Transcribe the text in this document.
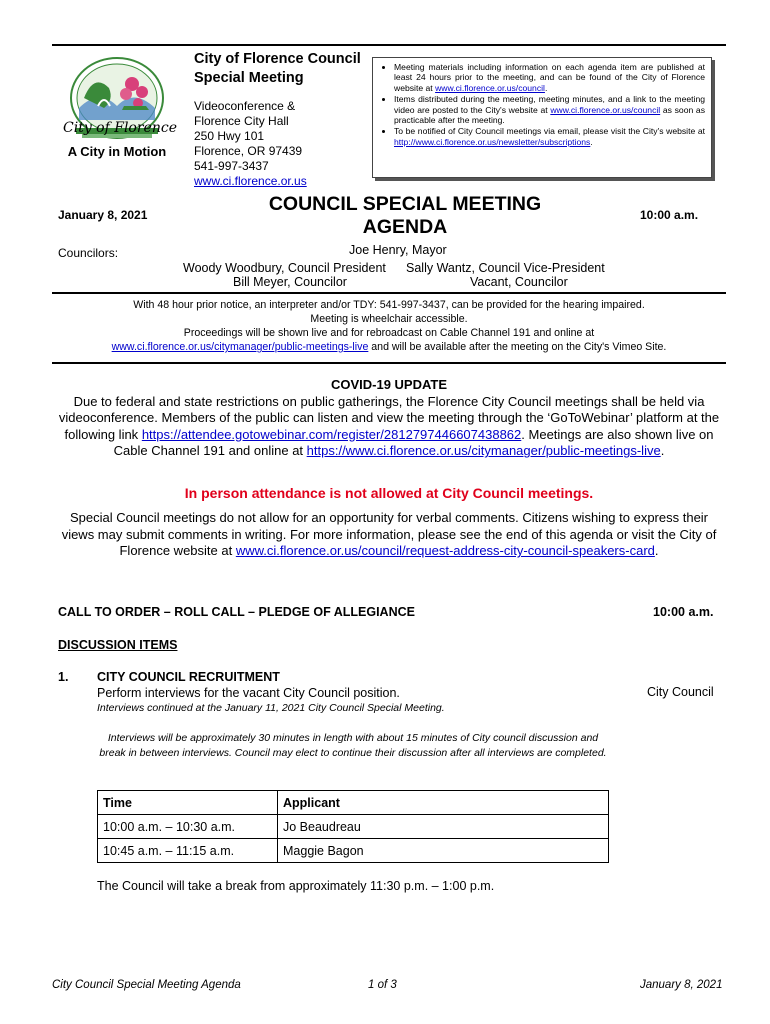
City of Florence
A City in Motion
City of Florence Council
Special Meeting
Videoconference &
Florence City Hall
250 Hwy 101
Florence, OR 97439
541-997-3437
www.ci.florence.or.us
• Meeting materials including information on each agenda item are published at least 24 hours prior to the meeting, and can be found of the City of Florence website at www.ci.florence.or.us/council.
• Items distributed during the meeting, meeting minutes, and a link to the meeting video are posted to the City's website at www.ci.florence.or.us/council as soon as practicable after the meeting.
• To be notified of City Council meetings via email, please visit the City's website at http://www.ci.florence.or.us/newsletter/subscriptions.
January 8, 2021	COUNCIL SPECIAL MEETING
AGENDA
10:00 a.m.
Councilors:	Joe Henry, Mayor
Woody Woodbury, Council President Sally Wantz, Council Vice-President
Bill Meyer, Councilor	Vacant, Councilor
With 48 hour prior notice, an interpreter and/or TDY: 541-997-3437, can be provided for the hearing impaired.
Meeting is wheelchair accessible.
Proceedings will be shown live and for rebroadcast on Cable Channel 191 and online at
www.ci.florence.or.us/citymanager/public-meetings-live and will be available after the meeting on the City's Vimeo Site.
COVID-19 UPDATE
Due to federal and state restrictions on public gatherings, the Florence City Council meetings shall be held via videoconference. Members of the public can listen and view the meeting through the ‘GoToWebinar’ platform at the following link https://attendee.gotowebinar.com/register/2812797446607438862. Meetings are also shown live on Cable Channel 191 and online at https://www.ci.florence.or.us/citymanager/public-meetings-live.
In person attendance is not allowed at City Council meetings.
Special Council meetings do not allow for an opportunity for verbal comments. Citizens wishing to express their views may submit comments in writing. For more information, please see the end of this agenda or visit the City of Florence website at www.ci.florence.or.us/council/request-address-city-council-speakers-card.
CALL TO ORDER – ROLL CALL – PLEDGE OF ALLEGIANCE	10:00 a.m.
DISCUSSION ITEMS
1. CITY COUNCIL RECRUITMENT
Perform interviews for the vacant City Council position.	City Council
Interviews continued at the January 11, 2021 City Council Special Meeting.
Interviews will be approximately 30 minutes in length with about 15 minutes of City council discussion and break in between interviews. Council may elect to continue their discussion after all interviews are completed.
Time	Applicant
10:00 a.m. – 10:30 a.m.	Jo Beaudreau
10:45 a.m. – 11:15 a.m.	Maggie Bagon
The Council will take a break from approximately 11:30 p.m. – 1:00 p.m.
City Council Special Meeting Agenda	1 of 3	January 8, 2021
